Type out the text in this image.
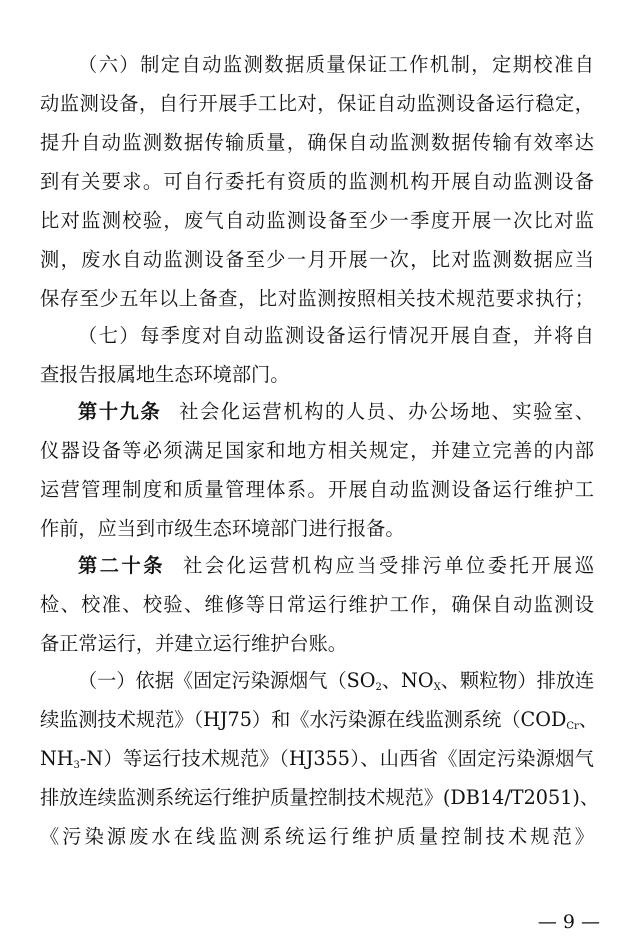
（六）制定自动监测数据质量保证工作机制，定期校准自
动监测设备，自行开展手工比对，保证自动监测设备运行稳定，
提升自动监测数据传输质量，确保自动监测数据传输有效率达
到有关要求。可自行委托有资质的监测机构开展自动监测设备
比对监测校验，废气自动监测设备至少一季度开展一次比对监
测，废水自动监测设备至少一月开展一次，比对监测数据应当
保存至少五年以上备查，比对监测按照相关技术规范要求执行；
（七）每季度对自动监测设备运行情况开展自查，并将自
查报告报属地生态环境部门。
第十九条 社会化运营机构的人员、办公场地、实验室、
仪器设备等必须满足国家和地方相关规定，并建立完善的内部
运营管理制度和质量管理体系。开展自动监测设备运行维护工
作前，应当到市级生态环境部门进行报备。
第二十条 社会化运营机构应当受排污单位委托开展巡
检、校准、校验、维修等日常运行维护工作，确保自动监测设
备正常运行，并建立运行维护台账。
（一）依据《固定污染源烟气（$SO_2$、$NO_X$、颗粒物）排放连
续监测技术规范》（HJ75）和《水污染源在线监测系统（$COD_{Cr}$、
$NH_3-N$）等运行技术规范》（HJ355）、山西省《固定污染源烟气
排放连续监测系统运行维护质量控制技术规范》(DB14/T2051)、
《污染源废水在线监测系统运行维护质量控制技术规范》
— 9 —
